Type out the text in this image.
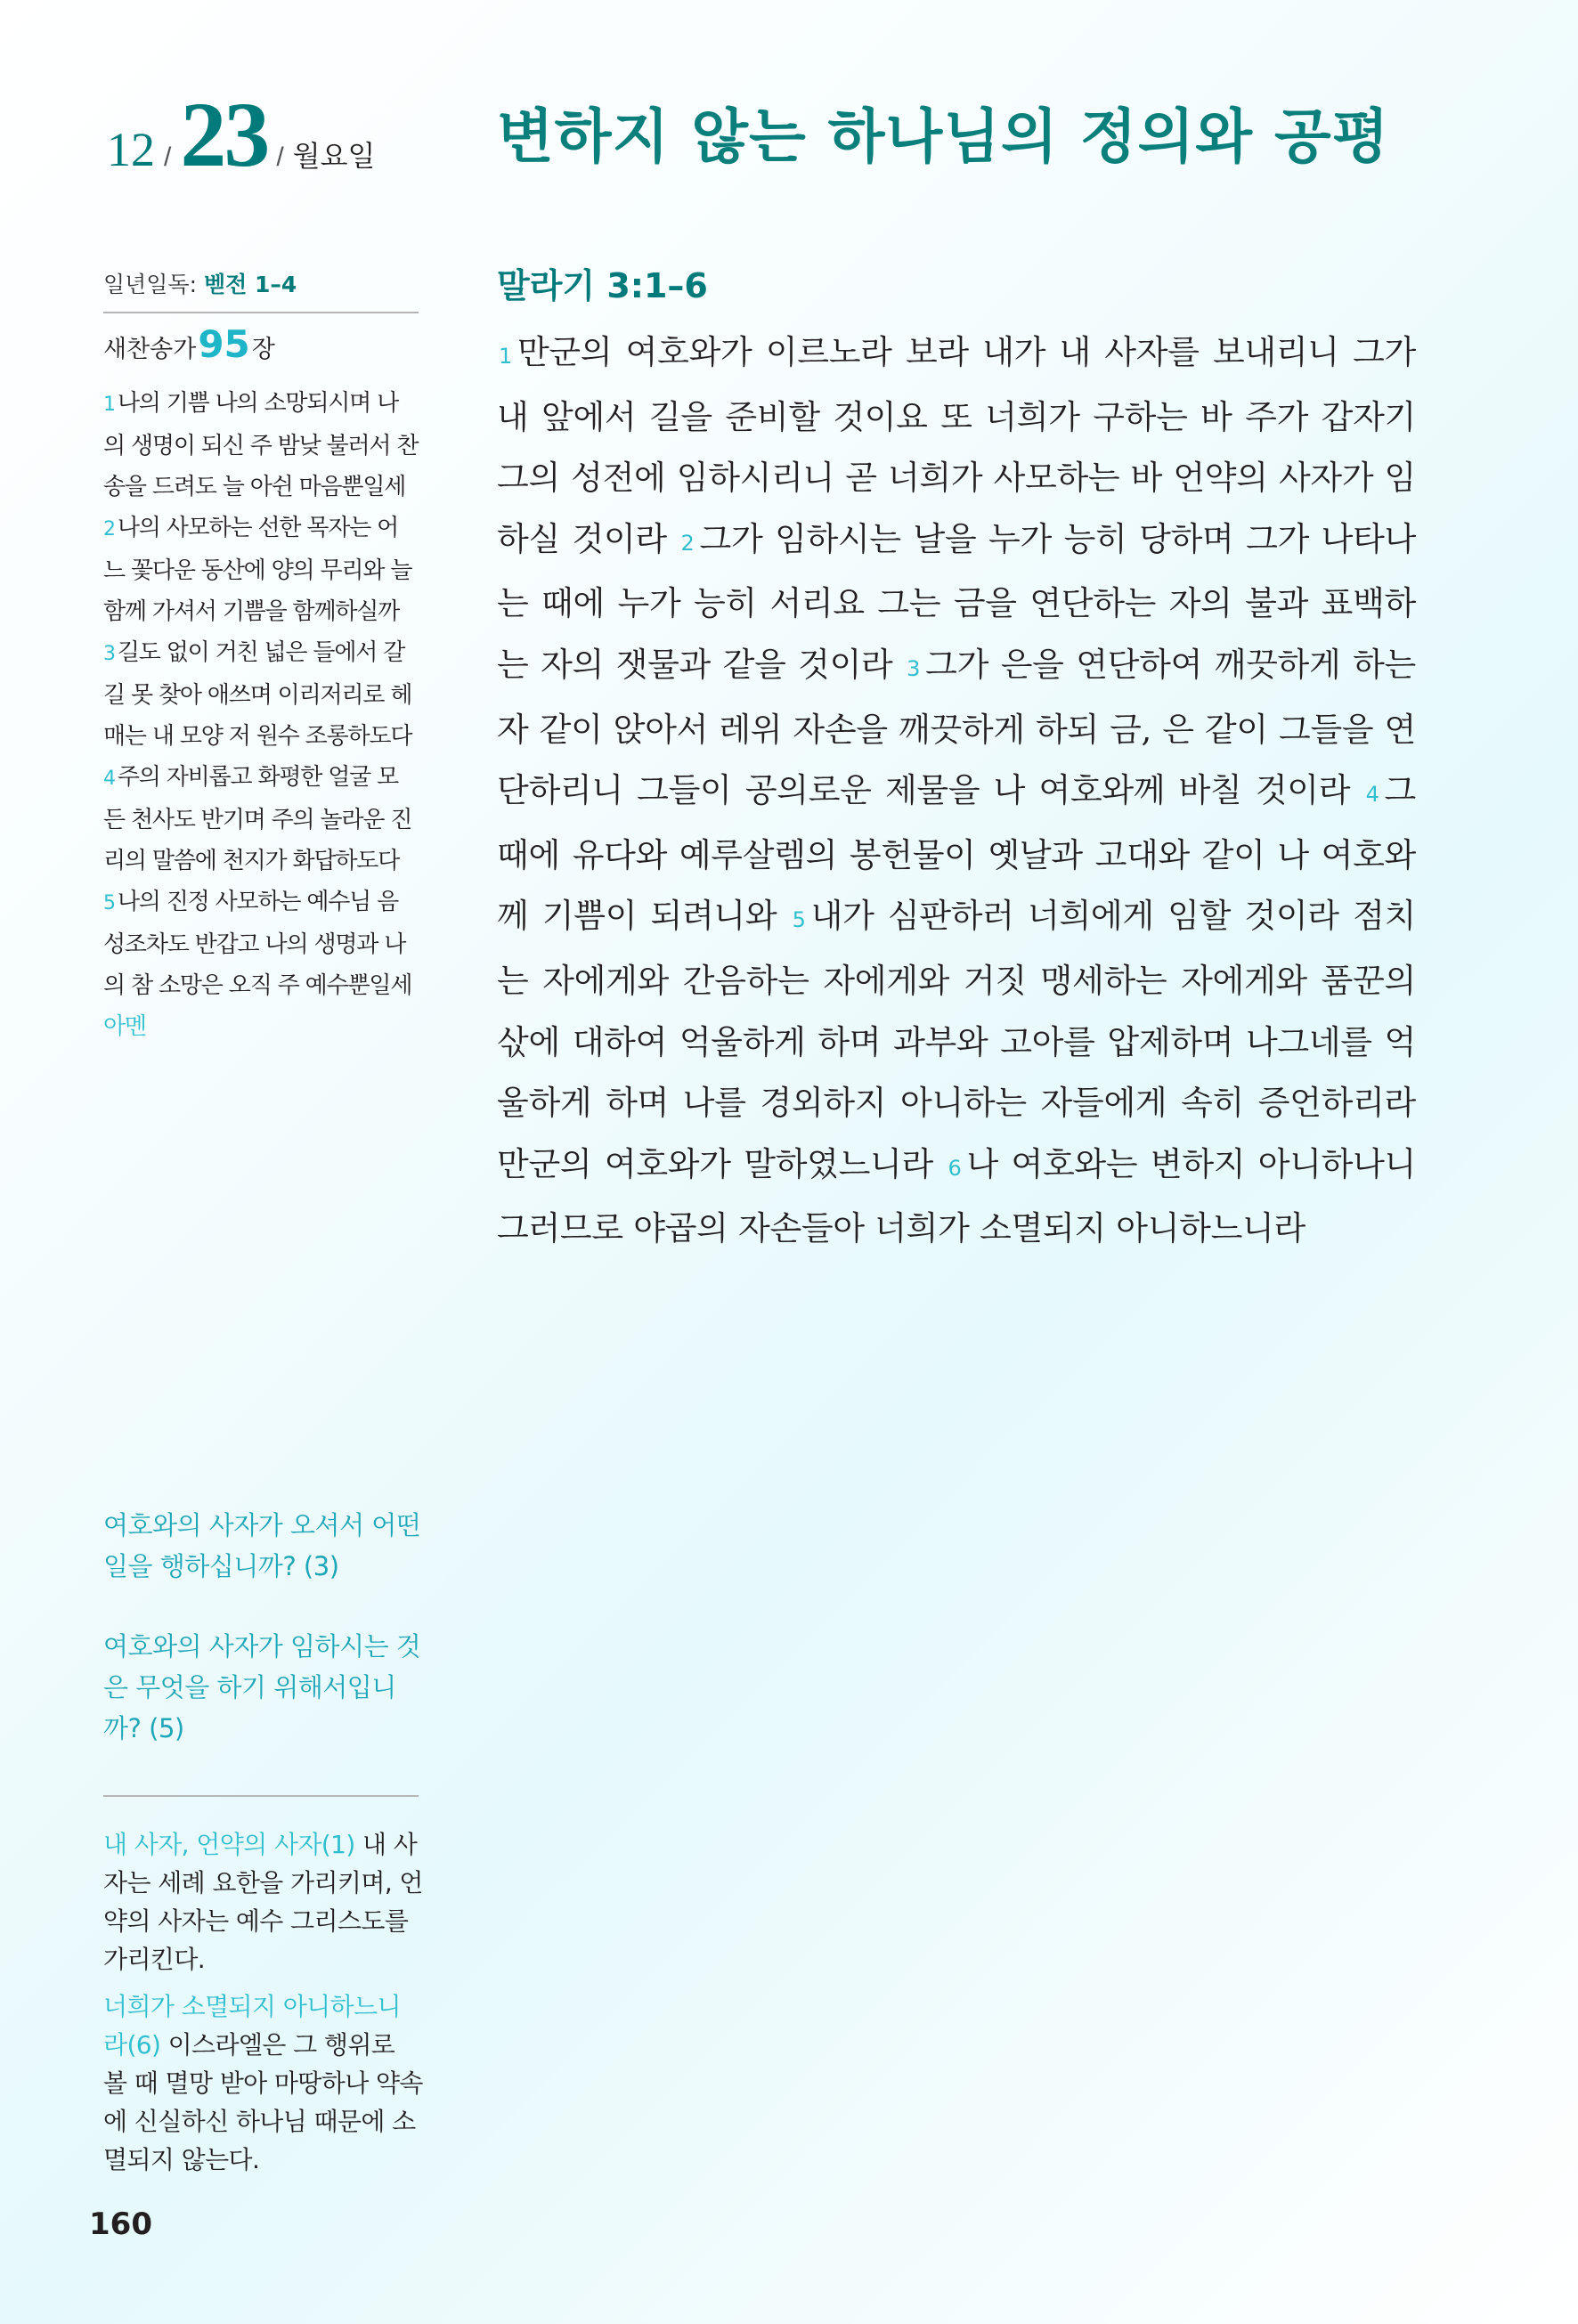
12 / 23 / 월요일 변하지 않는 하나님의 정의와 공평
일년일독: 벧전 1–4
새찬송가 95 장
1 나의 기쁨 나의 소망되시며 나의 생명이 되신 주 밤낮 불러서 찬송을 드려도 늘 아쉰 마음뿐일세
2 나의 사모하는 선한 목자는 어느 꽃다운 동산에 양의 무리와 늘 함께 가셔서 기쁨을 함께하실까
3 길도 없이 거친 넓은 들에서 갈 길 못 찾아 애쓰며 이리저리로 헤매는 내 모양 저 원수 조롱하도다
4 주의 자비롭고 화평한 얼굴 모든 천사도 반기며 주의 놀라운 진리의 말씀에 천지가 화답하도다
5 나의 진정 사모하는 예수님 음성조차도 반갑고 나의 생명과 나의 참 소망은 오직 주 예수뿐일세아멘

여호와의 사자가 오셔서 어떤 일을 행하십니까? (3)
여호와의 사자가 임하시는 것은 무엇을 하기 위해서입니까? (5)

내 사자, 언약의 사자(1) 내 사자는 세례 요한을 가리키며, 언약의 사자는 예수 그리스도를 가리킨다.

너희가 소멸되지 아니하느니라(6) 이스라엘은 그 행위로 볼 때 멸망 받아 마땅하나 약속에 신실하신 하나님 때문에 소멸되지 않는다.

160
말라기 3:1–6
1 만군의 여호와가 이르노라 보라 내가 내 사자를 보내리니 그가 내 앞에서 길을 준비할 것이요 또 너희가 구하는 바 주가 갑자기 그의 성전에 임하시리니 곧 너희가 사모하는 바 언약의 사자가 임하실 것이라 2 그가 임하시는 날을 누가 능히 당하며 그가 나타나는 때에 누가 능히 서리요 그는 금을 연단하는 자의 불과 표백하는 자의 잿물과 같을 것이라 3 그가 은을 연단하여 깨끗하게 하는 자 같이 앉아서 레위 자손을 깨끗하게 하되 금, 은 같이 그들을 연단하리니 그들이 공의로운 제물을 나 여호와께 바칠 것이라 4 그 때에 유다와 예루살렘의 봉헌물이 옛날과 고대와 같이 나 여호와께 기쁨이 되려니와 5 내가 심판하러 너희에게 임할 것이라 점치는 자에게와 간음하는 자에게와 거짓 맹세하는 자에게와 품꾼의 삯에 대하여 억울하게 하며 과부와 고아를 압제하며 나그네를 억울하게 하며 나를 경외하지 아니하는 자들에게 속히 증언하리라 만군의 여호와가 말하였느니라 6 나 여호와는 변하지 아니하나니 그러므로 야곱의 자손들아 너희가 소멸되지 아니하느니라
